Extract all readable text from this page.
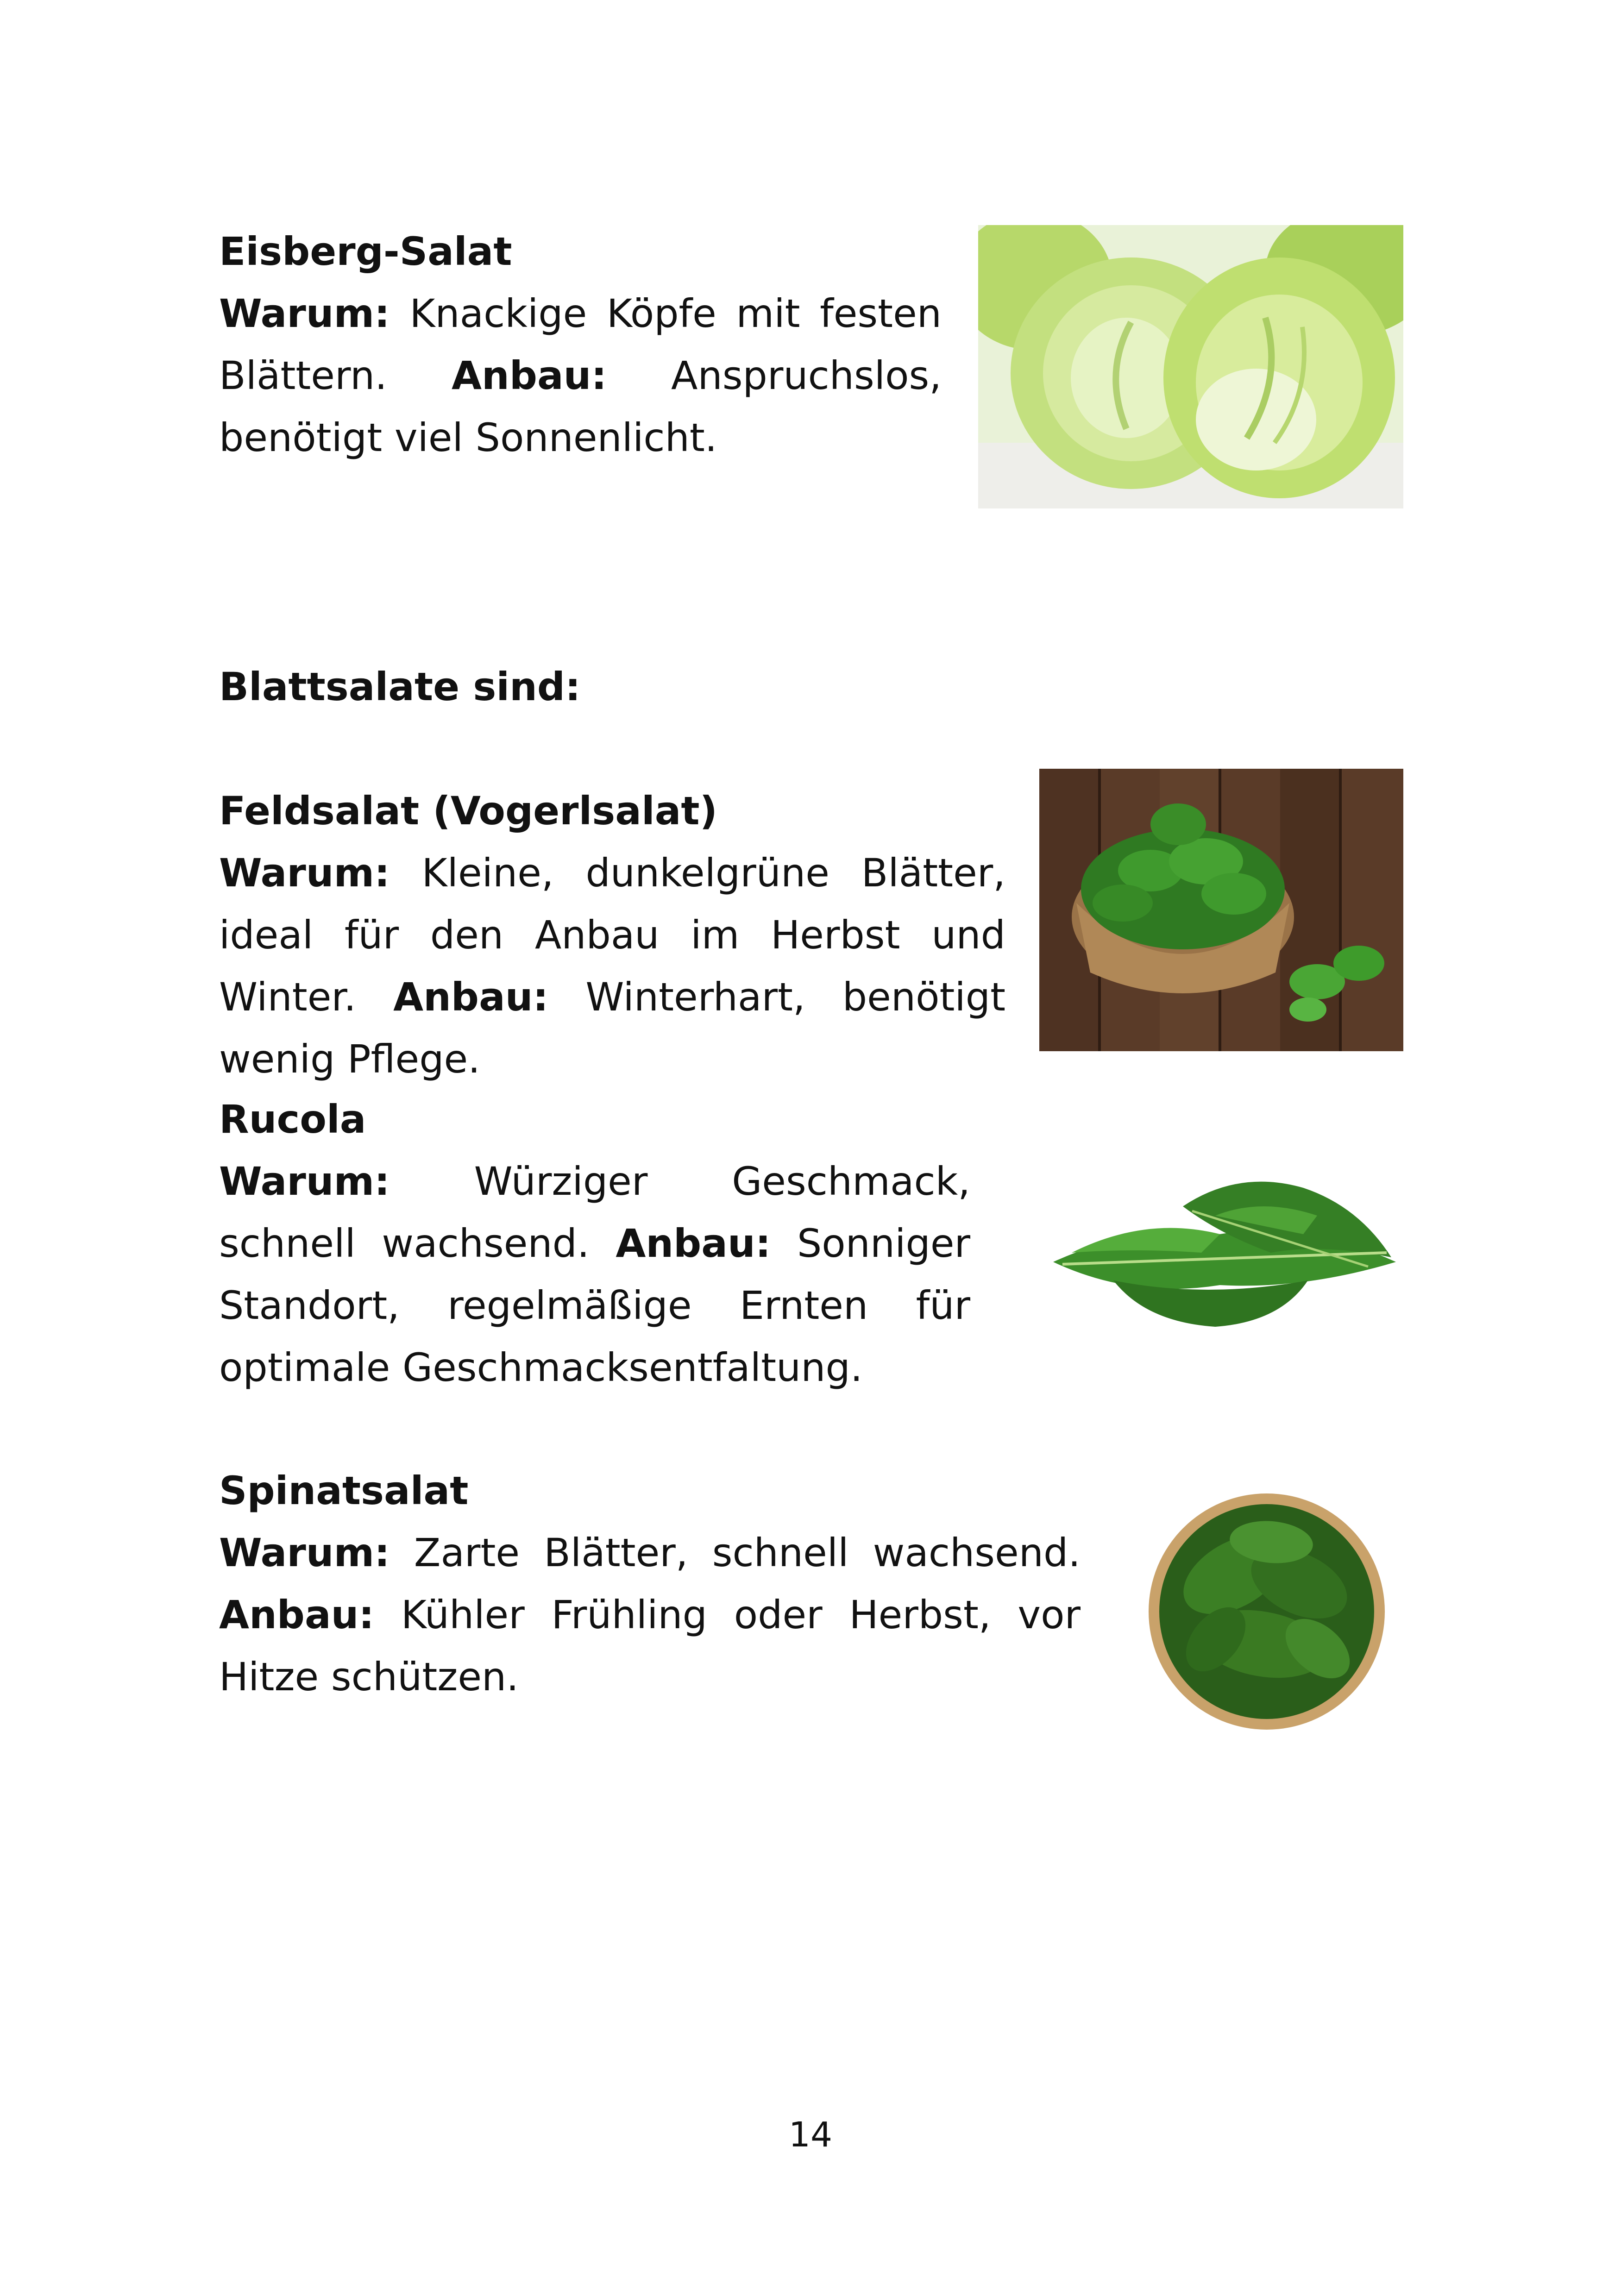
Eisberg-Salat

Warum: Knackige Köpfe mit festen Blättern. Anbau: Anspruchslos, benötigt viel Sonnenlicht.

Blattsalate sind:
Feldsalat (Vogerlsalat)

Warum: Kleine, dunkelgrüne Blätter, ideal für den Anbau im Herbst und Winter. Anbau: Winterhart, benötigt wenig Pflege.

Rucola

Warum: Würziger Geschmack, schnell wachsend. Anbau: Sonniger Standort, regelmäßige Ernten für optimale Geschmacksentfaltung.

Spinatsalat

Warum: Zarte Blätter, schnell wachsend. Anbau: Kühler Frühling oder Herbst, vor Hitze schützen.

14
